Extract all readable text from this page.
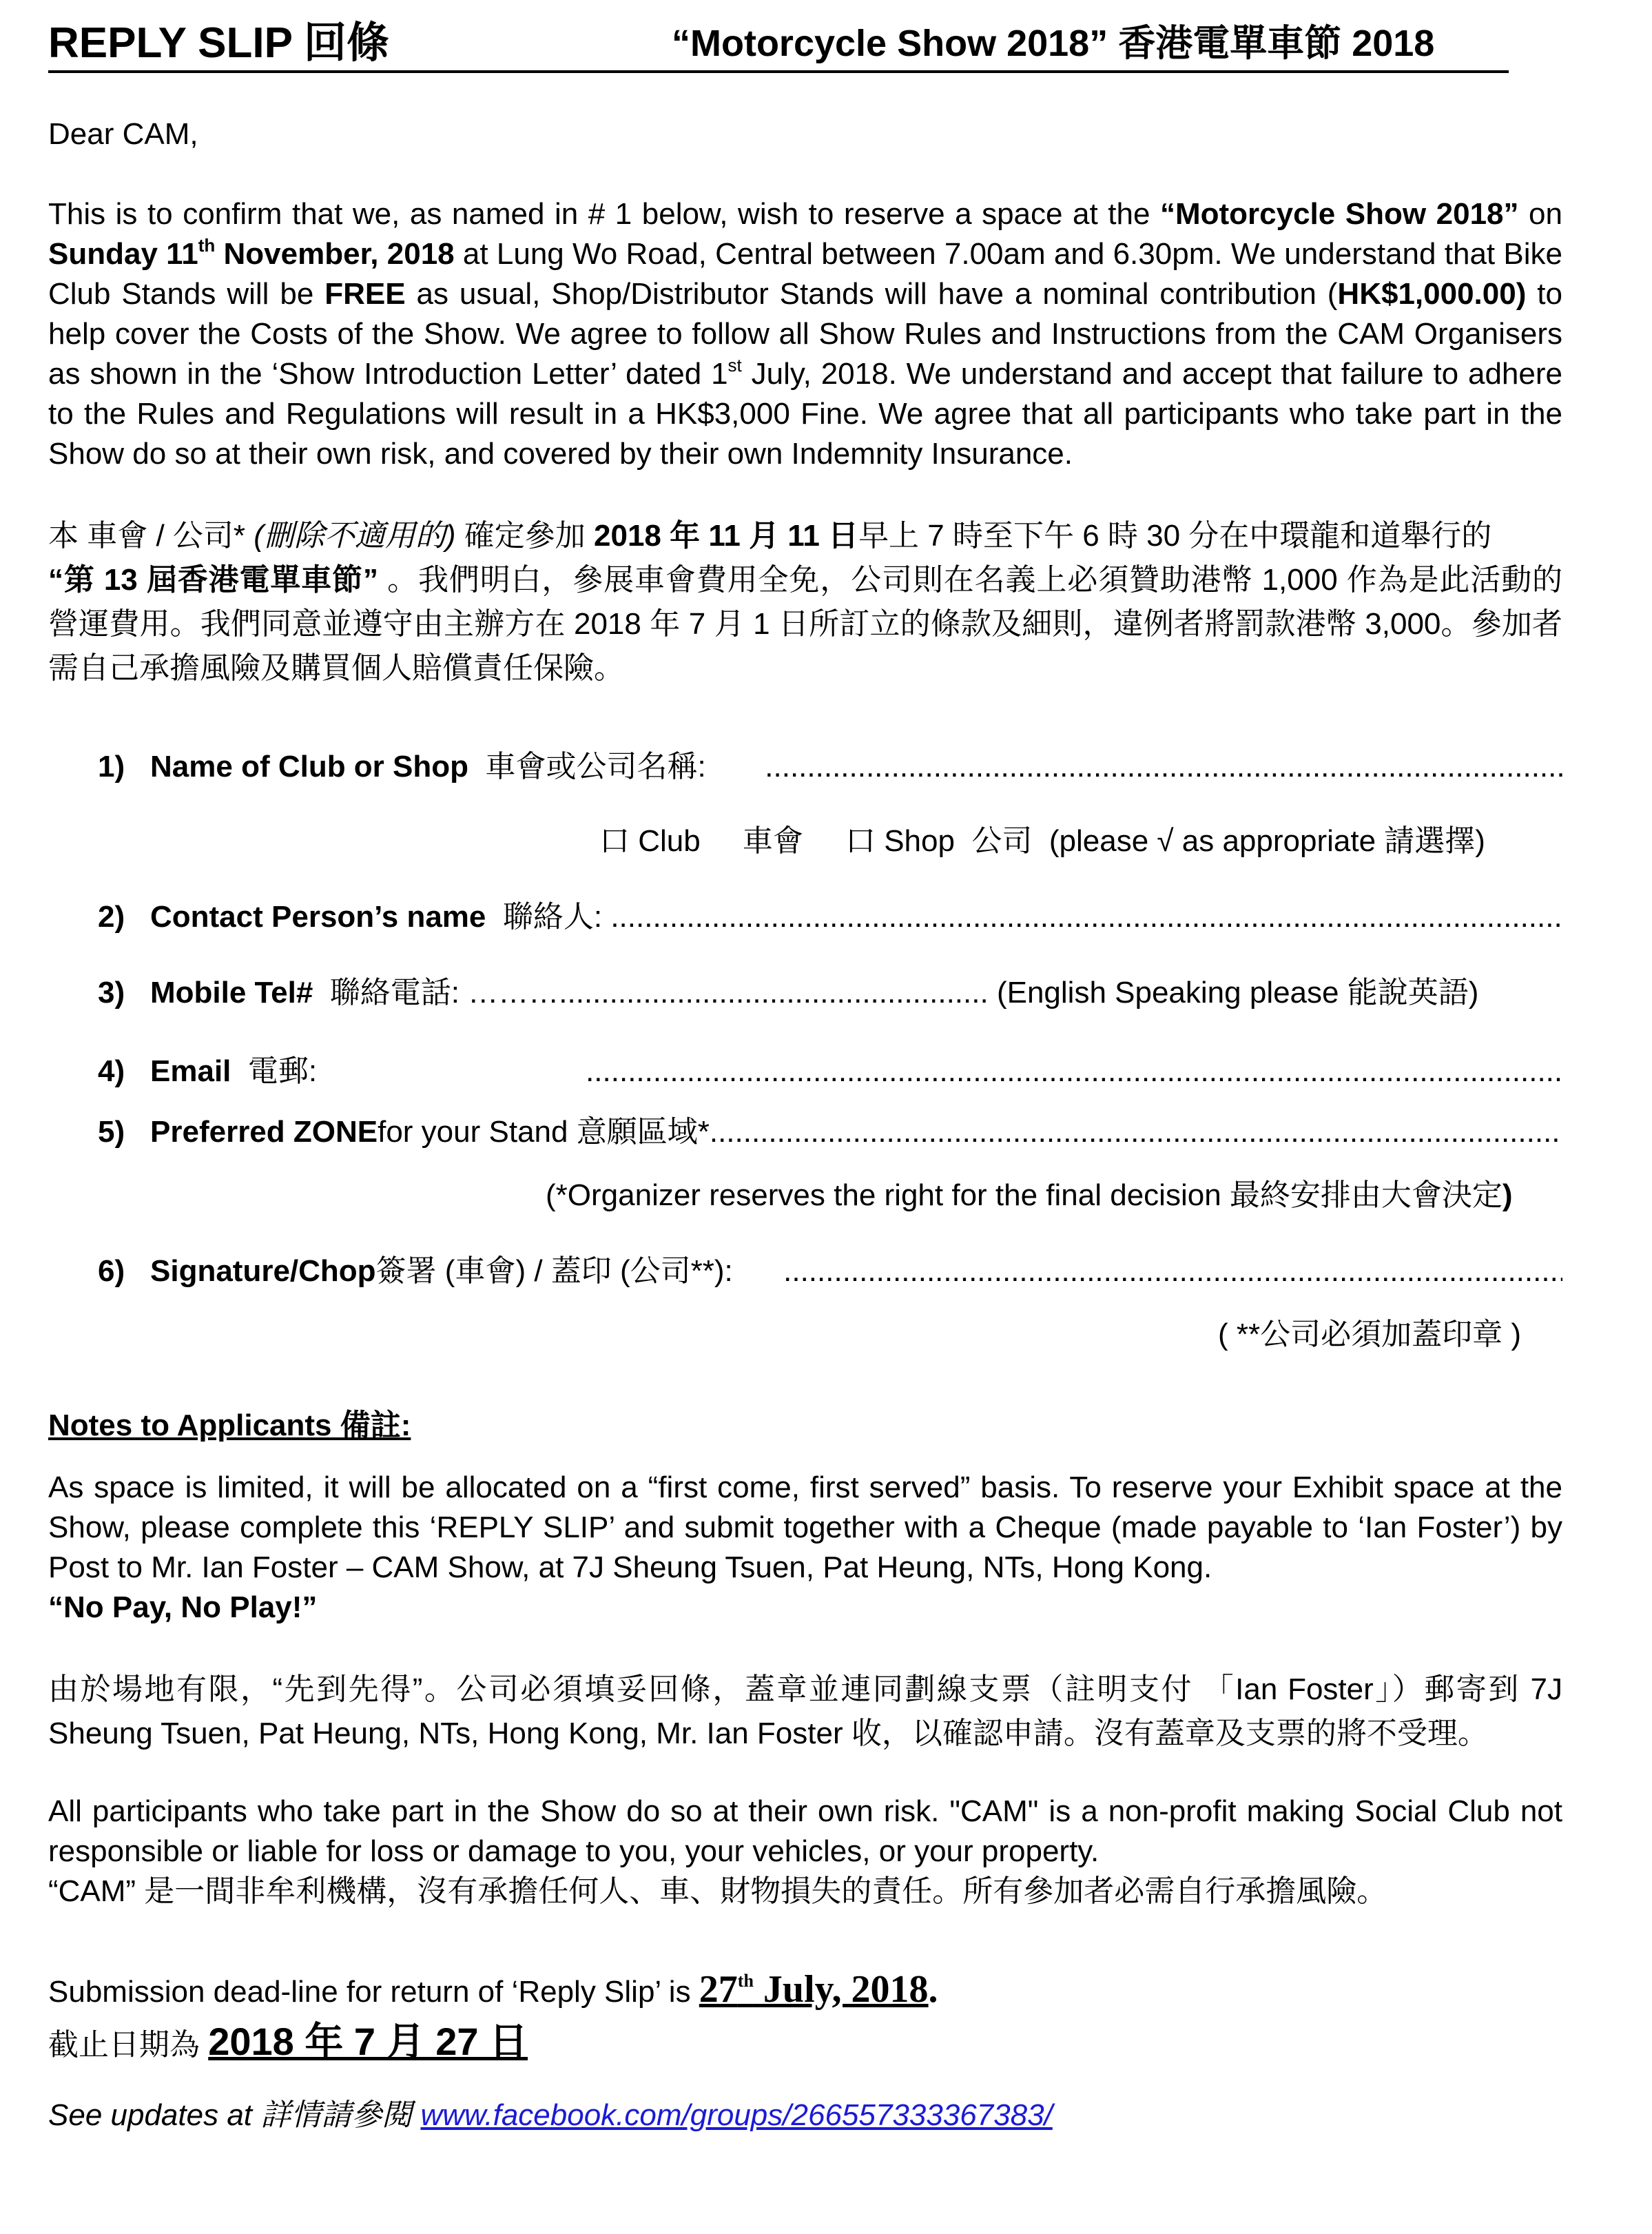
REPLY SLIP 回條	“Motorcycle Show 2018” 香港電單車節 2018

Dear CAM,

This is to confirm that we, as named in # 1 below, wish to reserve a space at the “Motorcycle Show 2018” on Sunday 11th November, 2018 at Lung Wo Road, Central between 7.00am and 6.30pm. We understand that Bike Club Stands will be FREE as usual, Shop/Distributor Stands will have a nominal contribution (HK$1,000.00) to help cover the Costs of the Show. We agree to follow all Show Rules and Instructions from the CAM Organisers as shown in the ‘Show Introduction Letter’ dated 1st July, 2018. We understand and accept that failure to adhere to the Rules and Regulations will result in a HK$3,000 Fine. We agree that all participants who take part in the Show do so at their own risk, and covered by their own Indemnity Insurance.

本 車會 / 公司* (刪除不適用的) 確定參加 2018 年 11 月 11 日早上 7 時至下午 6 時 30 分在中環龍和道舉行的
“第 13 屆香港電單車節” 。我們明白，參展車會費用全免，公司則在名義上必須贊助港幣 1,000 作為是此活動的營運費用。我們同意並遵守由主辦方在 2018 年 7 月 1 日所訂立的條款及細則，違例者將罰款港幣 3,000。參加者需自己承擔風險及購買個人賠償責任保險。

1) Name of Club or Shop
車會或公司名稱:

.....
口 Club 車會 口 Shop 公司 (please √ as appropriate 請選擇)
2) Contact Person’s name
聯絡人:

.....
3) Mobile Tel#
聯絡電話:
………...................................................
(English Speaking please 能說英語)
4) Email
電郵:
.....
5) Preferred ZONE for your Stand 意願區域*
.....
(*Organizer reserves the right for the final decision 最終安排由大會決定)
6) Signature/Chop 簽署 (車會) / 蓋印 (公司**):

.....
( **公司必須加蓋印章 )
Notes to Applicants 備註:

As space is limited, it will be allocated on a “first come, first served” basis. To reserve your Exhibit space at the Show, please complete this ‘REPLY SLIP’ and submit together with a Cheque (made payable to ‘Ian Foster’) by Post to Mr. Ian Foster – CAM Show, at 7J Sheung Tsuen, Pat Heung, NTs, Hong Kong.
“No Pay, No Play!”

由於場地有限，“先到先得”。公司必須填妥回條，蓋章並連同劃線支票（註明支付 「Ian Foster」）郵寄到 7J Sheung Tsuen, Pat Heung, NTs, Hong Kong, Mr. Ian Foster 收，以確認申請。沒有蓋章及支票的將不受理。

All participants who take part in the Show do so at their own risk. "CAM" is a non-profit making Social Club not responsible or liable for loss or damage to you, your vehicles, or your property.
“CAM” 是一間非牟利機構，沒有承擔任何人、車、財物損失的責任。所有參加者必需自行承擔風險。

Submission dead-line for return of ‘Reply Slip’ is 27th July, 2018.
截止日期為 2018 年 7 月 27 日
See updates at 詳情請參閱 www.facebook.com/groups/266557333367383/
